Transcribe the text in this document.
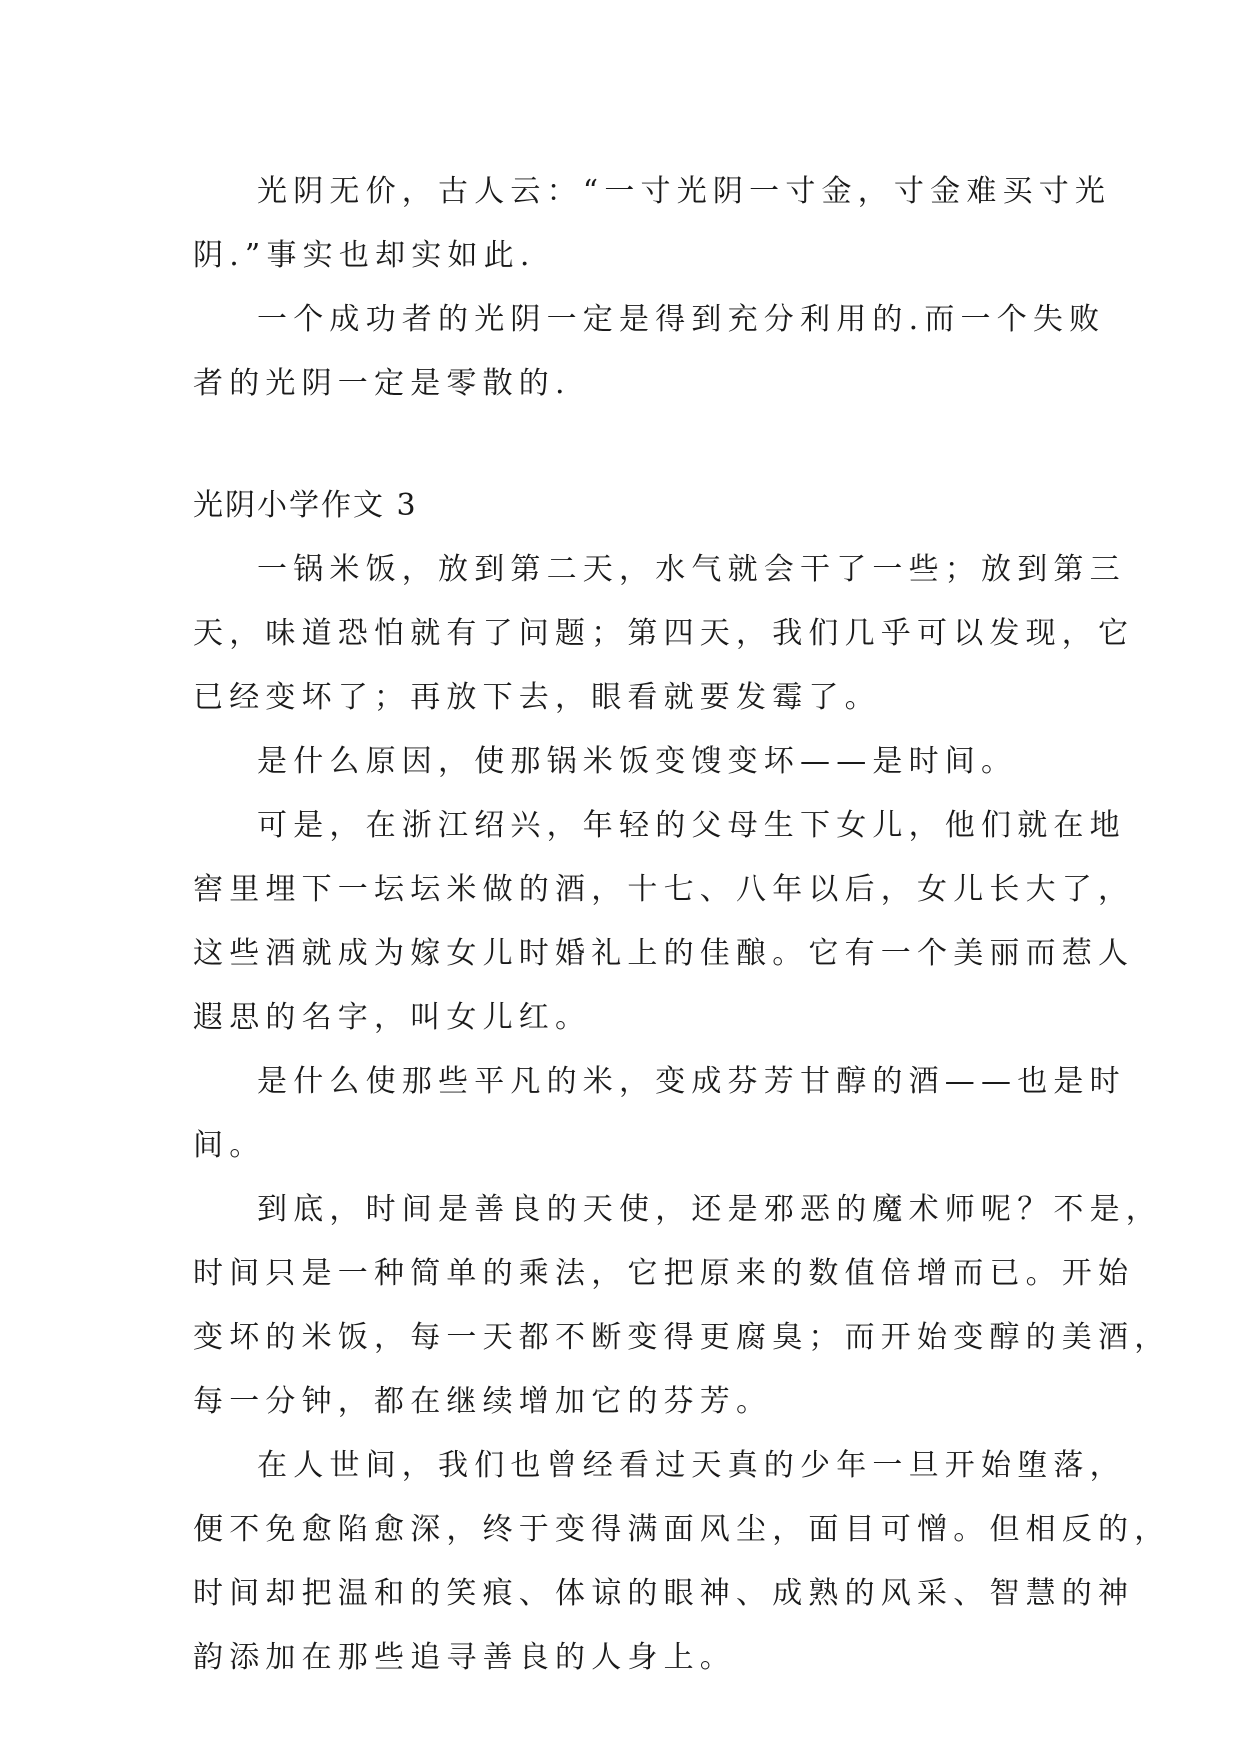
光阴无价，古人云：“一寸光阴一寸金，寸金难买寸光
阴.”事实也却实如此.
一个成功者的光阴一定是得到充分利用的.而一个失败
者的光阴一定是零散的.
光阴小学作文 3
一锅米饭，放到第二天，水气就会干了一些；放到第三
天，味道恐怕就有了问题；第四天，我们几乎可以发现，它
已经变坏了；再放下去，眼看就要发霉了。
是什么原因，使那锅米饭变馊变坏——是时间。
可是，在浙江绍兴，年轻的父母生下女儿，他们就在地
窖里埋下一坛坛米做的酒，十七、八年以后，女儿长大了，
这些酒就成为嫁女儿时婚礼上的佳酿。它有一个美丽而惹人
遐思的名字，叫女儿红。
是什么使那些平凡的米，变成芬芳甘醇的酒——也是时
间。
到底，时间是善良的天使，还是邪恶的魔术师呢？不是，
时间只是一种简单的乘法，它把原来的数值倍增而已。开始
变坏的米饭，每一天都不断变得更腐臭；而开始变醇的美酒，
每一分钟，都在继续增加它的芬芳。
在人世间，我们也曾经看过天真的少年一旦开始堕落，
便不免愈陷愈深，终于变得满面风尘，面目可憎。但相反的，
时间却把温和的笑痕、体谅的眼神、成熟的风采、智慧的神
韵添加在那些追寻善良的人身上。
